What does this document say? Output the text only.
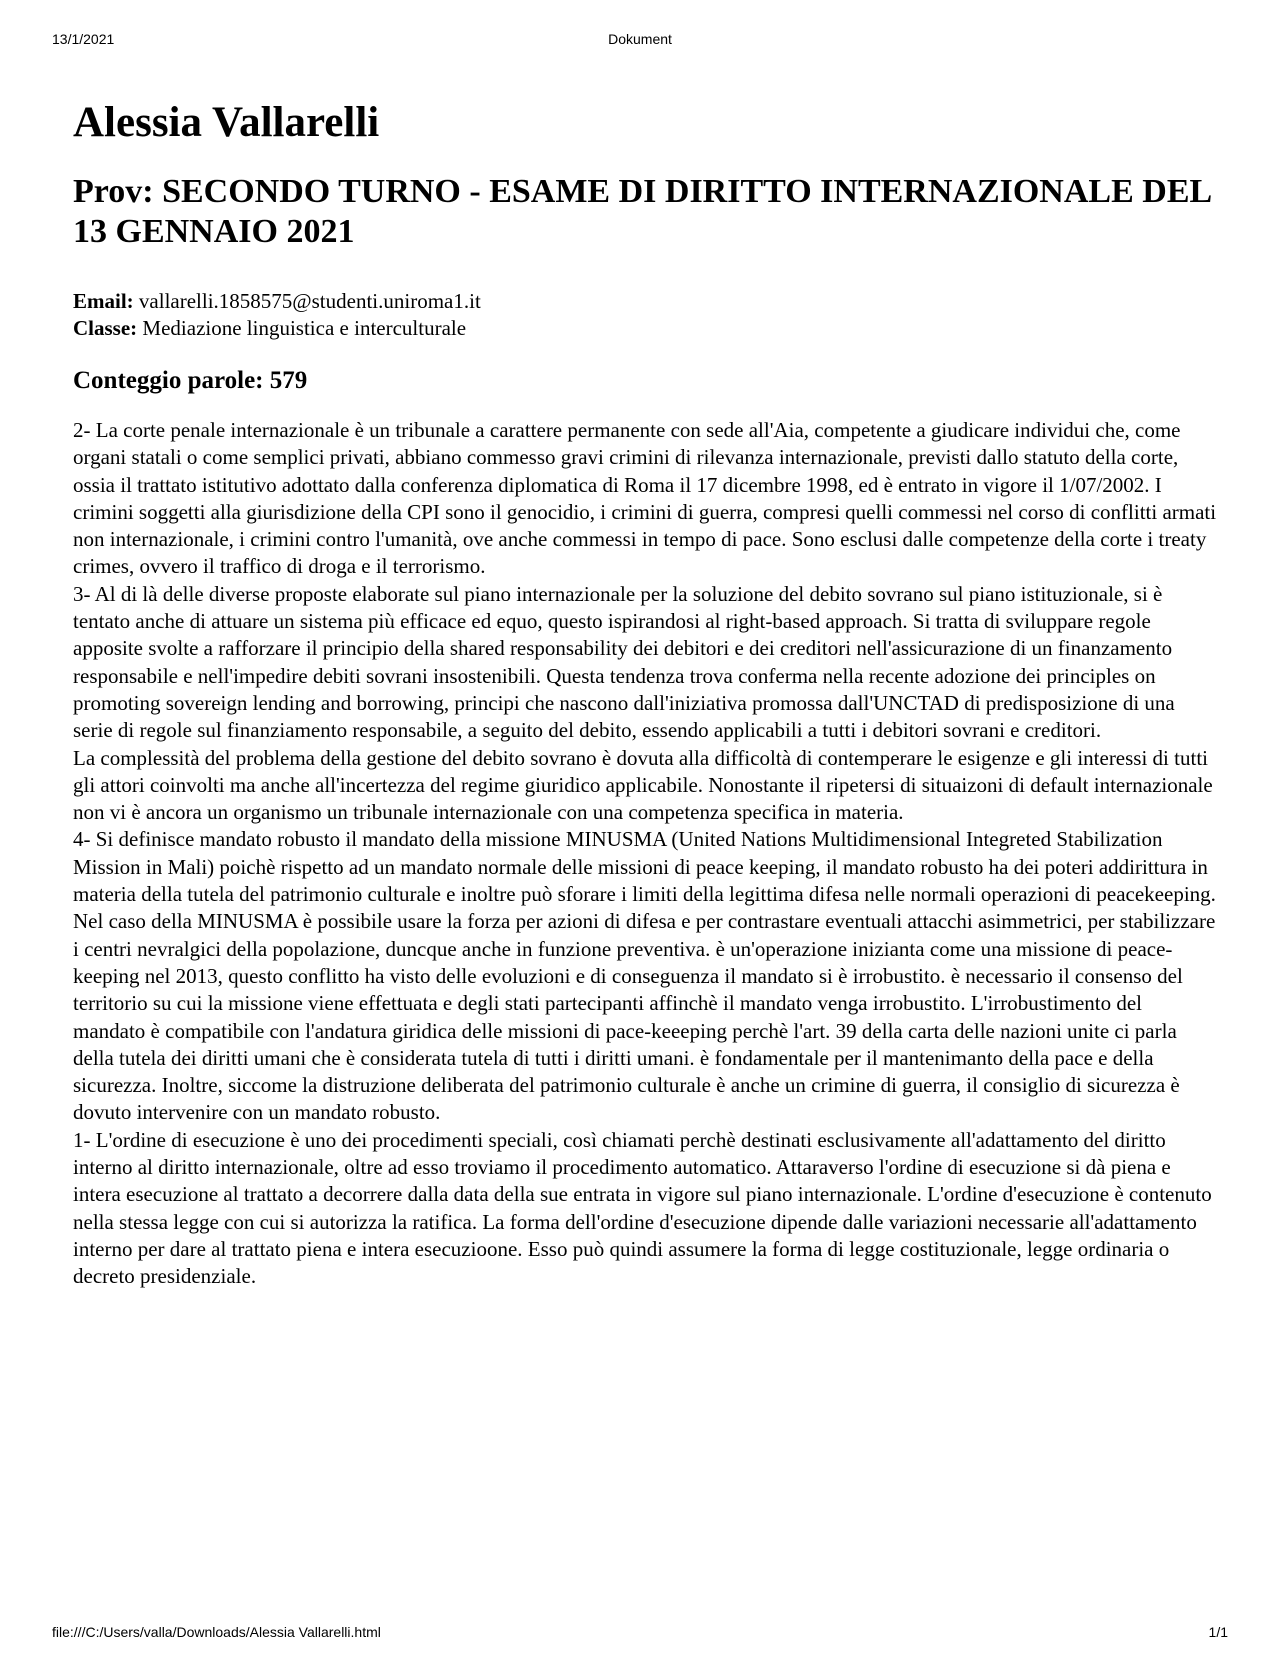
13/1/2021	Dokument
Alessia Vallarelli
Prov: SECONDO TURNO - ESAME DI DIRITTO INTERNAZIONALE DEL 13 GENNAIO 2021
Email: vallarelli.1858575@studenti.uniroma1.it
Classe: Mediazione linguistica e interculturale
Conteggio parole: 579

2- La corte penale internazionale è un tribunale a carattere permanente con sede all'Aia, competente a giudicare individui che, come organi statali o come semplici privati, abbiano commesso gravi crimini di rilevanza internazionale, previsti dallo statuto della corte, ossia il trattato istitutivo adottato dalla conferenza diplomatica di Roma il 17 dicembre 1998, ed è entrato in vigore il 1/07/2002. I crimini soggetti alla giurisdizione della CPI sono il genocidio, i crimini di guerra, compresi quelli commessi nel corso di conflitti armati non internazionale, i crimini contro l'umanità, ove anche commessi in tempo di pace. Sono esclusi dalle competenze della corte i treaty crimes, ovvero il traffico di droga e il terrorismo.

3- Al di là delle diverse proposte elaborate sul piano internazionale per la soluzione del debito sovrano sul piano istituzionale, si è tentato anche di attuare un sistema più efficace ed equo, questo ispirandosi al right-based approach. Si tratta di sviluppare regole apposite svolte a rafforzare il principio della shared responsability dei debitori e dei creditori nell'assicurazione di un finanzamento responsabile e nell'impedire debiti sovrani insostenibili. Questa tendenza trova conferma nella recente adozione dei principles on promoting sovereign lending and borrowing, principi che nascono dall'iniziativa promossa dall'UNCTAD di predisposizione di una serie di regole sul finanziamento responsabile, a seguito del debito, essendo applicabili a tutti i debitori sovrani e creditori.

La complessità del problema della gestione del debito sovrano è dovuta alla difficoltà di contemperare le esigenze e gli interessi di tutti gli attori coinvolti ma anche all'incertezza del regime giuridico applicabile. Nonostante il ripetersi di situaizoni di default internazionale non vi è ancora un organismo un tribunale internazionale con una competenza specifica in materia.

4- Si definisce mandato robusto il mandato della missione MINUSMA (United Nations Multidimensional Integreted Stabilization Mission in Mali) poichè rispetto ad un mandato normale delle missioni di peace keeping, il mandato robusto ha dei poteri addirittura in materia della tutela del patrimonio culturale e inoltre può sforare i limiti della legittima difesa nelle normali operazioni di peacekeeping. Nel caso della MINUSMA è possibile usare la forza per azioni di difesa e per contrastare eventuali attacchi asimmetrici, per stabilizzare i centri nevralgici della popolazione, duncque anche in funzione preventiva. è un'operazione inizianta come una missione di peace-keeping nel 2013, questo conflitto ha visto delle evoluzioni e di conseguenza il mandato si è irrobustito. è necessario il consenso del territorio su cui la missione viene effettuata e degli stati partecipanti affinchè il mandato venga irrobustito. L'irrobustimento del mandato è compatibile con l'andatura giridica delle missioni di pace-keeeping perchè l'art. 39 della carta delle nazioni unite ci parla della tutela dei diritti umani che è considerata tutela di tutti i diritti umani. è fondamentale per il mantenimanto della pace e della sicurezza. Inoltre, siccome la distruzione deliberata del patrimonio culturale è anche un crimine di guerra, il consiglio di sicurezza è dovuto intervenire con un mandato robusto.

1- L'ordine di esecuzione è uno dei procedimenti speciali, così chiamati perchè destinati esclusivamente all'adattamento del diritto interno al diritto internazionale, oltre ad esso troviamo il procedimento automatico. Attaraverso l'ordine di esecuzione si dà piena e intera esecuzione al trattato a decorrere dalla data della sue entrata in vigore sul piano internazionale. L'ordine d'esecuzione è contenuto nella stessa legge con cui si autorizza la ratifica. La forma dell'ordine d'esecuzione dipende dalle variazioni necessarie all'adattamento interno per dare al trattato piena e intera esecuzioone. Esso può quindi assumere la forma di legge costituzionale, legge ordinaria o decreto presidenziale.

file:///C:/Users/valla/Downloads/Alessia Vallarelli.html	1/1
